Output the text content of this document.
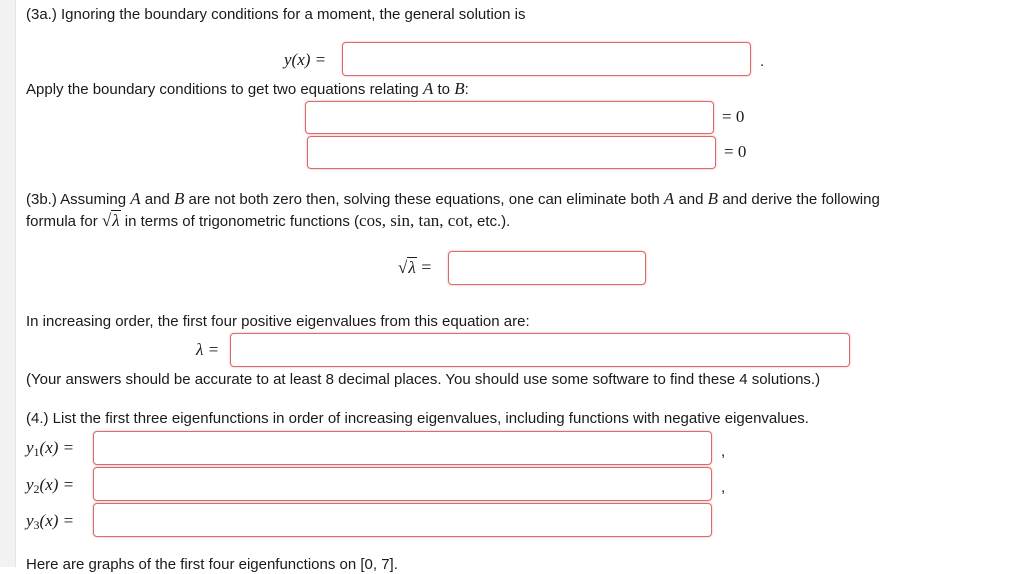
(3a.) Ignoring the boundary conditions for a moment, the general solution is
y(x) =	.
Apply the boundary conditions to get two equations relating A to B:
= 0
= 0
(3b.) Assuming A and B are not both zero then, solving these equations, one can eliminate both A and B and derive the following
formula for √λ in terms of trigonometric functions (cos, sin, tan, cot, etc.).
√λ =
In increasing order, the first four positive eigenvalues from this equation are:
λ =
(Your answers should be accurate to at least 8 decimal places. You should use some software to find these 4 solutions.)
(4.) List the first three eigenfunctions in order of increasing eigenvalues, including functions with negative eigenvalues.
$y_1(x)$ =	,
$y_2(x)$ =	,
$y_3(x)$ =
Here are graphs of the first four eigenfunctions on [0, 7].
